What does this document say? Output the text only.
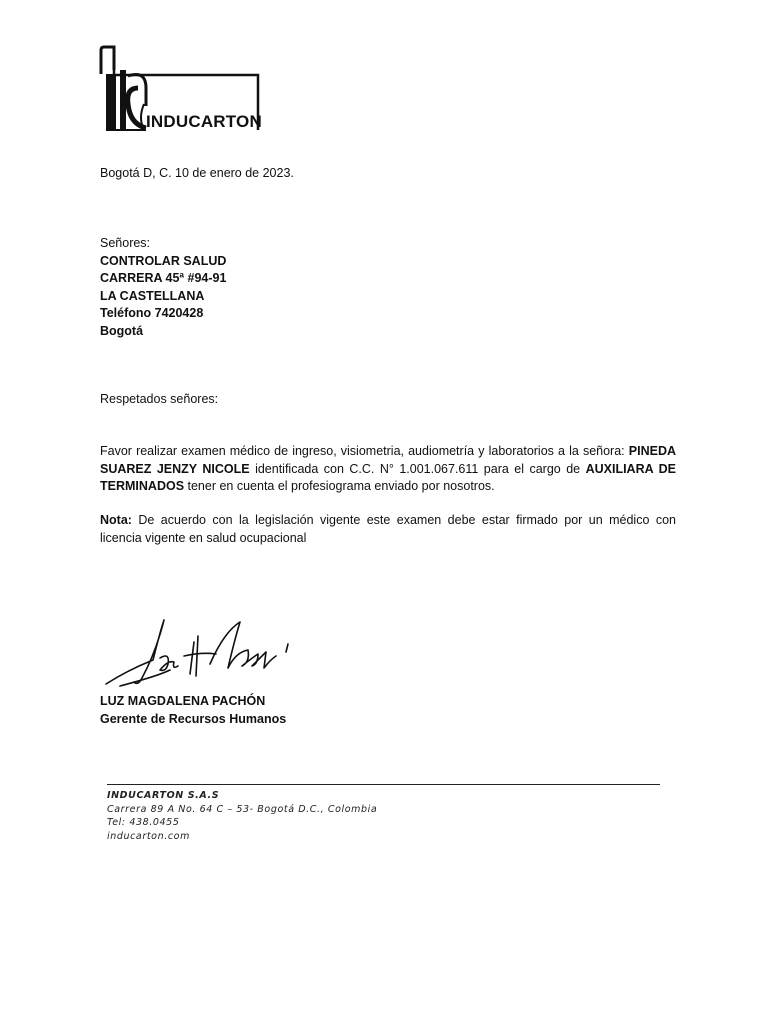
INDUCARTON
Bogotá D, C. 10 de enero de 2023.
Señores:
CONTROLAR SALUD
CARRERA 45ª #94-91
LA CASTELLANA
Teléfono 7420428
Bogotá
Respetados señores:
Favor realizar examen médico de ingreso, visiometria, audiometría y laboratorios a la señora: PINEDA SUAREZ JENZY NICOLE identificada con C.C. N° 1.001.067.611 para el cargo de AUXILIARA DE TERMINADOS tener en cuenta el profesiograma enviado por nosotros.
Nota: De acuerdo con la legislación vigente este examen debe estar firmado por un médico con licencia vigente en salud ocupacional
LUZ MAGDALENA PACHÓN
Gerente de Recursos Humanos
INDUCARTON S.A.S
Carrera 89 A No. 64 C – 53- Bogotá D.C., Colombia
Tel: 438.0455
inducarton.com
